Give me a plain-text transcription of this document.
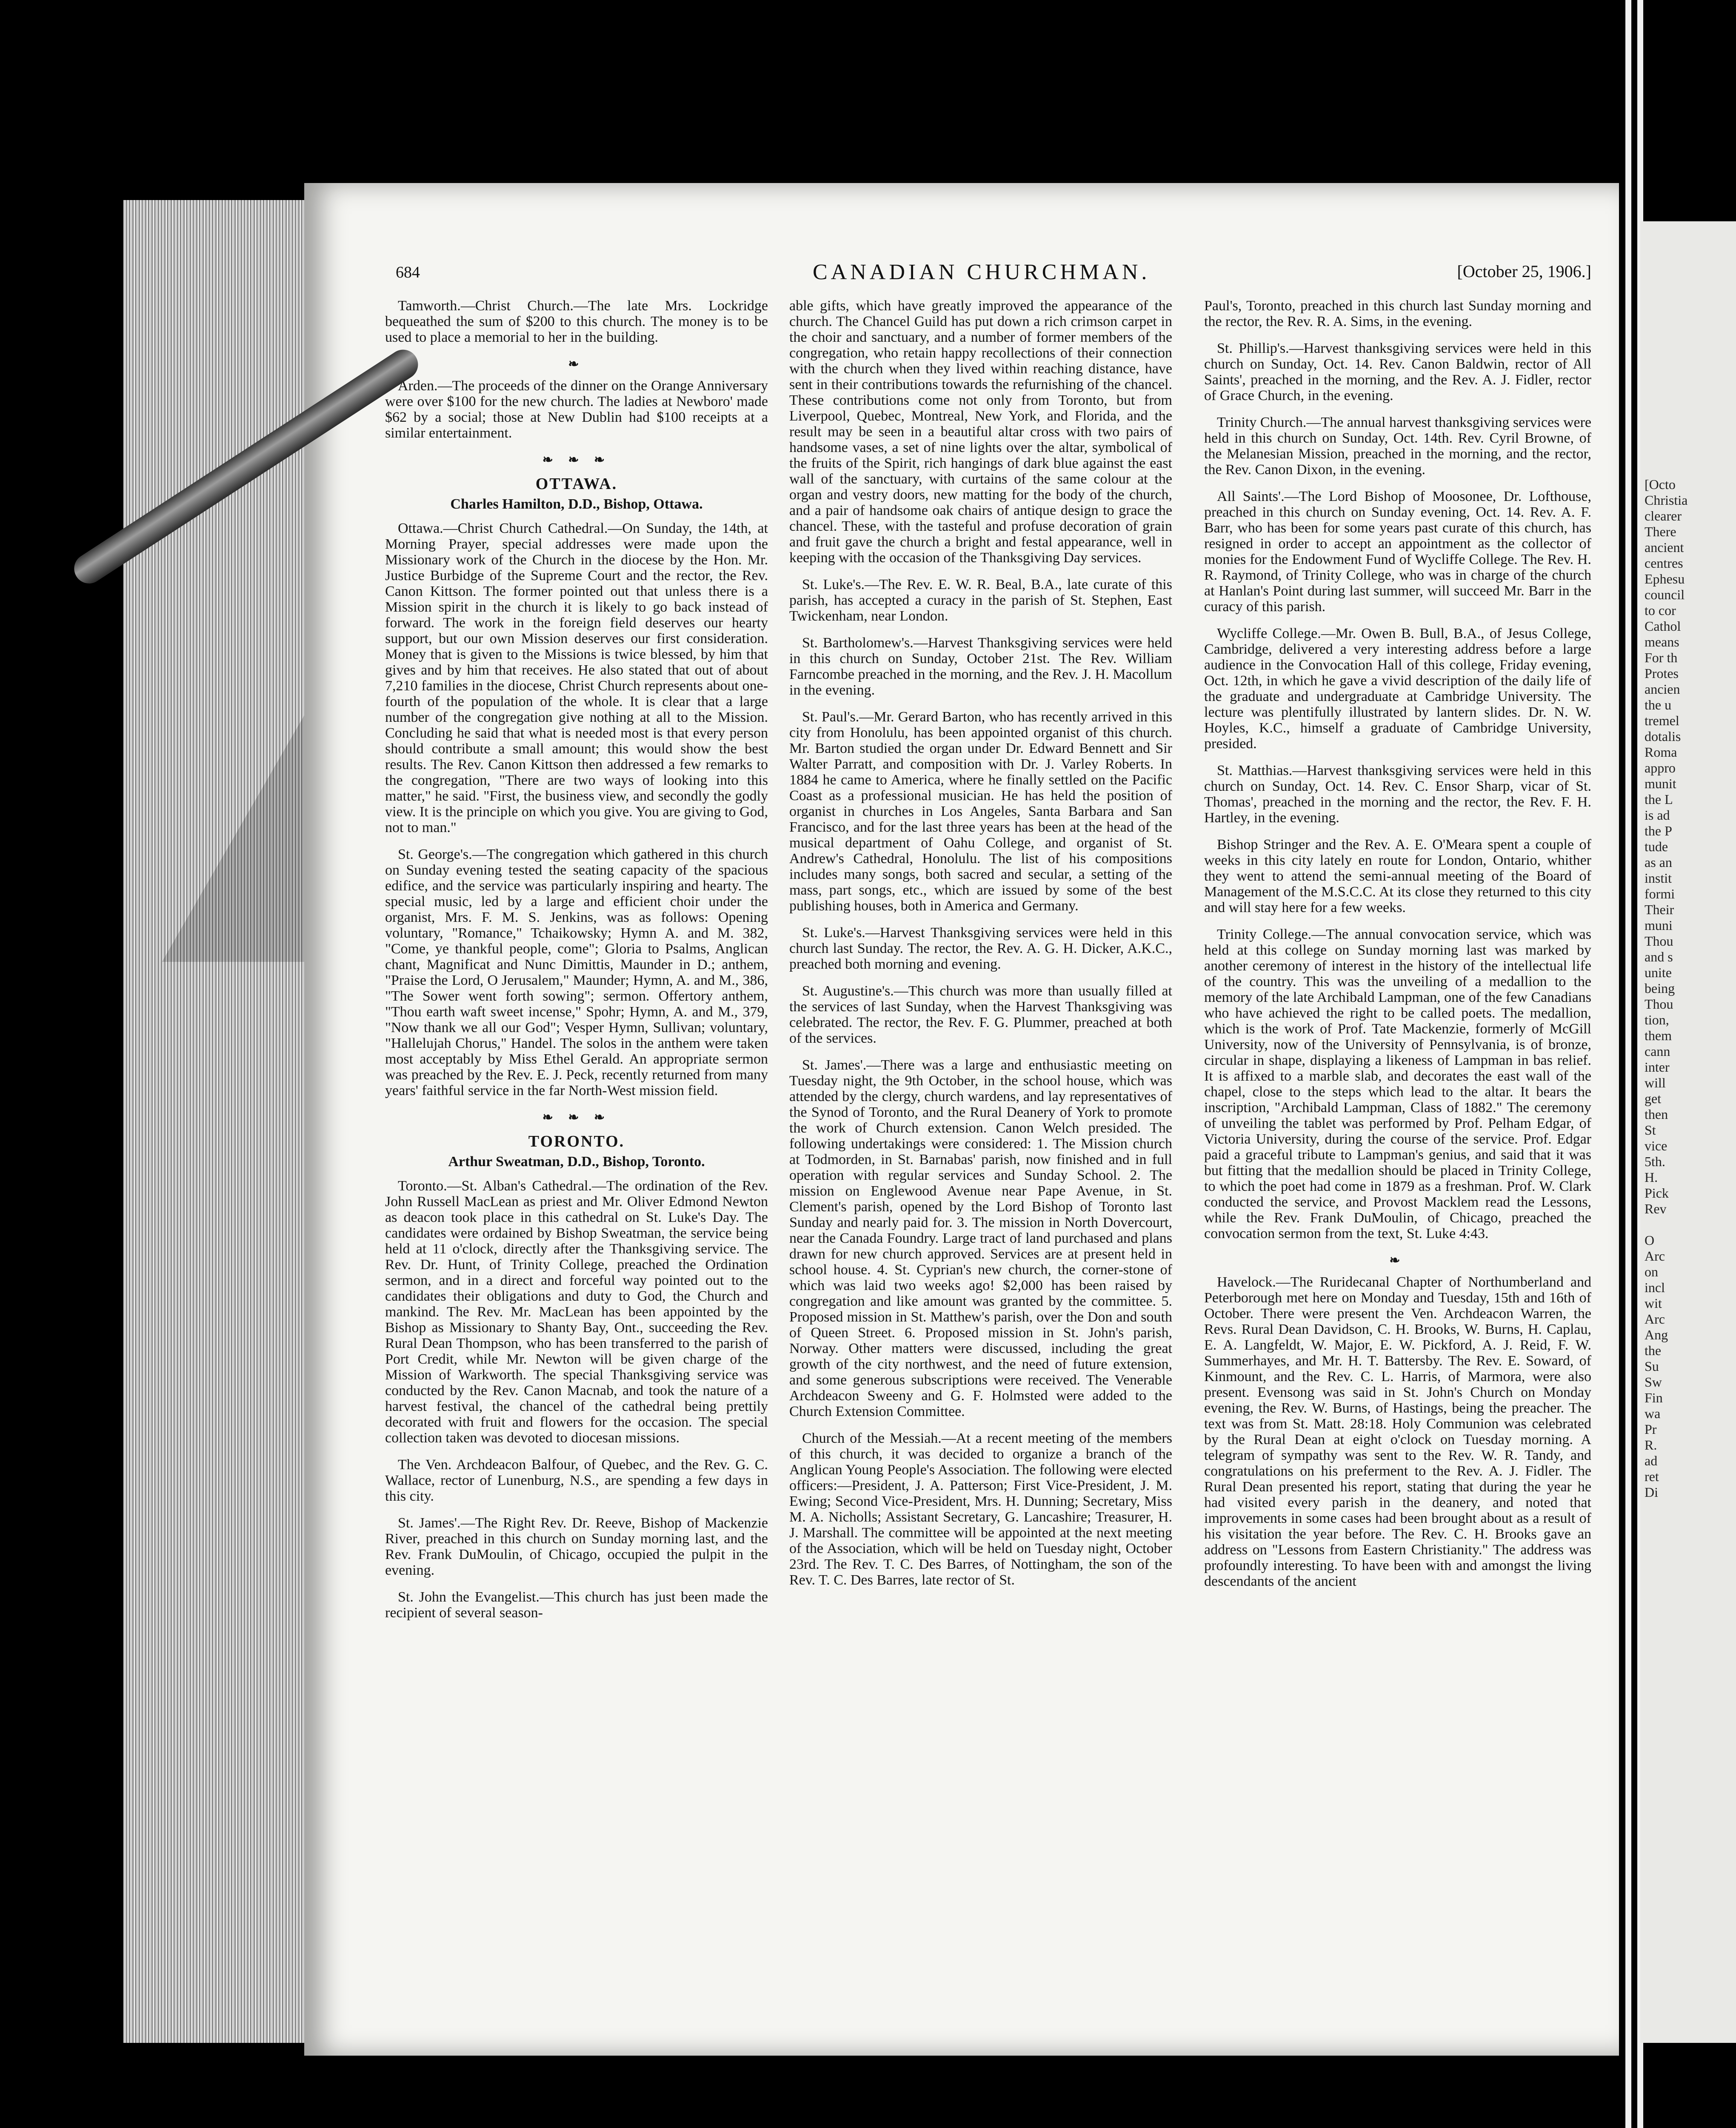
684	CANADIAN CHURCHMAN.	[October 25, 1906.]

Tamworth.—Christ Church.—The late Mrs. Lockridge bequeathed the sum of $200 to this church. The money is to be used to place a memorial to her in the building.

❧

Arden.—The proceeds of the dinner on the Orange Anniversary were over $100 for the new church. The ladies at Newboro' made $62 by a social; those at New Dublin had $100 receipts at a similar entertainment.

❧ ❧ ❧
OTTAWA.
Charles Hamilton, D.D., Bishop, Ottawa.

Ottawa.—Christ Church Cathedral.—On Sunday, the 14th, at Morning Prayer, special addresses were made upon the Missionary work of the Church in the diocese by the Hon. Mr. Justice Burbidge of the Supreme Court and the rector, the Rev. Canon Kittson. The former pointed out that unless there is a Mission spirit in the church it is likely to go back instead of forward. The work in the foreign field deserves our hearty support, but our own Mission deserves our first consideration. Money that is given to the Missions is twice blessed, by him that gives and by him that receives. He also stated that out of about 7,210 families in the diocese, Christ Church represents about one-fourth of the population of the whole. It is clear that a large number of the congregation give nothing at all to the Mission. Concluding he said that what is needed most is that every person should contribute a small amount; this would show the best results. The Rev. Canon Kittson then addressed a few remarks to the congregation, "There are two ways of looking into this matter," he said. "First, the business view, and secondly the godly view. It is the principle on which you give. You are giving to God, not to man."

St. George's.—The congregation which gathered in this church on Sunday evening tested the seating capacity of the spacious edifice, and the service was particularly inspiring and hearty. The special music, led by a large and efficient choir under the organist, Mrs. F. M. S. Jenkins, was as follows: Opening voluntary, "Romance," Tchaikowsky; Hymn A. and M. 382, "Come, ye thankful people, come"; Gloria to Psalms, Anglican chant, Magnificat and Nunc Dimittis, Maunder in D.; anthem, "Praise the Lord, O Jerusalem," Maunder; Hymn, A. and M., 386, "The Sower went forth sowing"; sermon. Offertory anthem, "Thou earth waft sweet incense," Spohr; Hymn, A. and M., 379, "Now thank we all our God"; Vesper Hymn, Sullivan; voluntary, "Hallelujah Chorus," Handel. The solos in the anthem were taken most acceptably by Miss Ethel Gerald. An appropriate sermon was preached by the Rev. E. J. Peck, recently returned from many years' faithful service in the far North-West mission field.

❧ ❧ ❧
TORONTO.
Arthur Sweatman, D.D., Bishop, Toronto.

Toronto.—St. Alban's Cathedral.—The ordination of the Rev. John Russell MacLean as priest and Mr. Oliver Edmond Newton as deacon took place in this cathedral on St. Luke's Day. The candidates were ordained by Bishop Sweatman, the service being held at 11 o'clock, directly after the Thanksgiving service. The Rev. Dr. Hunt, of Trinity College, preached the Ordination sermon, and in a direct and forceful way pointed out to the candidates their obligations and duty to God, the Church and mankind. The Rev. Mr. MacLean has been appointed by the Bishop as Missionary to Shanty Bay, Ont., succeeding the Rev. Rural Dean Thompson, who has been transferred to the parish of Port Credit, while Mr. Newton will be given charge of the Mission of Warkworth. The special Thanksgiving service was conducted by the Rev. Canon Macnab, and took the nature of a harvest festival, the chancel of the cathedral being prettily decorated with fruit and flowers for the occasion. The special collection taken was devoted to diocesan missions.

The Ven. Archdeacon Balfour, of Quebec, and the Rev. G. C. Wallace, rector of Lunenburg, N.S., are spending a few days in this city.

St. James'.—The Right Rev. Dr. Reeve, Bishop of Mackenzie River, preached in this church on Sunday morning last, and the Rev. Frank DuMoulin, of Chicago, occupied the pulpit in the evening.

St. John the Evangelist.—This church has just been made the recipient of several season-

able gifts, which have greatly improved the appearance of the church. The Chancel Guild has put down a rich crimson carpet in the choir and sanctuary, and a number of former members of the congregation, who retain happy recollections of their connection with the church when they lived within reaching distance, have sent in their contributions towards the refurnishing of the chancel. These contributions come not only from Toronto, but from Liverpool, Quebec, Montreal, New York, and Florida, and the result may be seen in a beautiful altar cross with two pairs of handsome vases, a set of nine lights over the altar, symbolical of the fruits of the Spirit, rich hangings of dark blue against the east wall of the sanctuary, with curtains of the same colour at the organ and vestry doors, new matting for the body of the church, and a pair of handsome oak chairs of antique design to grace the chancel. These, with the tasteful and profuse decoration of grain and fruit gave the church a bright and festal appearance, well in keeping with the occasion of the Thanksgiving Day services.

St. Luke's.—The Rev. E. W. R. Beal, B.A., late curate of this parish, has accepted a curacy in the parish of St. Stephen, East Twickenham, near London.

St. Bartholomew's.—Harvest Thanksgiving services were held in this church on Sunday, October 21st. The Rev. William Farncombe preached in the morning, and the Rev. J. H. Macollum in the evening.

St. Paul's.—Mr. Gerard Barton, who has recently arrived in this city from Honolulu, has been appointed organist of this church. Mr. Barton studied the organ under Dr. Edward Bennett and Sir Walter Parratt, and composition with Dr. J. Varley Roberts. In 1884 he came to America, where he finally settled on the Pacific Coast as a professional musician. He has held the position of organist in churches in Los Angeles, Santa Barbara and San Francisco, and for the last three years has been at the head of the musical department of Oahu College, and organist of St. Andrew's Cathedral, Honolulu. The list of his compositions includes many songs, both sacred and secular, a setting of the mass, part songs, etc., which are issued by some of the best publishing houses, both in America and Germany.

St. Luke's.—Harvest Thanksgiving services were held in this church last Sunday. The rector, the Rev. A. G. H. Dicker, A.K.C., preached both morning and evening.

St. Augustine's.—This church was more than usually filled at the services of last Sunday, when the Harvest Thanksgiving was celebrated. The rector, the Rev. F. G. Plummer, preached at both of the services.

St. James'.—There was a large and enthusiastic meeting on Tuesday night, the 9th October, in the school house, which was attended by the clergy, church wardens, and lay representatives of the Synod of Toronto, and the Rural Deanery of York to promote the work of Church extension. Canon Welch presided. The following undertakings were considered: 1. The Mission church at Todmorden, in St. Barnabas' parish, now finished and in full operation with regular services and Sunday School. 2. The mission on Englewood Avenue near Pape Avenue, in St. Clement's parish, opened by the Lord Bishop of Toronto last Sunday and nearly paid for. 3. The mission in North Dovercourt, near the Canada Foundry. Large tract of land purchased and plans drawn for new church approved. Services are at present held in school house. 4. St. Cyprian's new church, the corner-stone of which was laid two weeks ago! $2,000 has been raised by congregation and like amount was granted by the committee. 5. Proposed mission in St. Matthew's parish, over the Don and south of Queen Street. 6. Proposed mission in St. John's parish, Norway. Other matters were discussed, including the great growth of the city northwest, and the need of future extension, and some generous subscriptions were received. The Venerable Archdeacon Sweeny and G. F. Holmsted were added to the Church Extension Committee.

Church of the Messiah.—At a recent meeting of the members of this church, it was decided to organize a branch of the Anglican Young People's Association. The following were elected officers:—President, J. A. Patterson; First Vice-President, J. M. Ewing; Second Vice-President, Mrs. H. Dunning; Secretary, Miss M. A. Nicholls; Assistant Secretary, G. Lancashire; Treasurer, H. J. Marshall. The committee will be appointed at the next meeting of the Association, which will be held on Tuesday night, October 23rd. The Rev. T. C. Des Barres, of Nottingham, the son of the Rev. T. C. Des Barres, late rector of St.

Paul's, Toronto, preached in this church last Sunday morning and the rector, the Rev. R. A. Sims, in the evening.

St. Phillip's.—Harvest thanksgiving services were held in this church on Sunday, Oct. 14. Rev. Canon Baldwin, rector of All Saints', preached in the morning, and the Rev. A. J. Fidler, rector of Grace Church, in the evening.

Trinity Church.—The annual harvest thanksgiving services were held in this church on Sunday, Oct. 14th. Rev. Cyril Browne, of the Melanesian Mission, preached in the morning, and the rector, the Rev. Canon Dixon, in the evening.

All Saints'.—The Lord Bishop of Moosonee, Dr. Lofthouse, preached in this church on Sunday evening, Oct. 14. Rev. A. F. Barr, who has been for some years past curate of this church, has resigned in order to accept an appointment as the collector of monies for the Endowment Fund of Wycliffe College. The Rev. H. R. Raymond, of Trinity College, who was in charge of the church at Hanlan's Point during last summer, will succeed Mr. Barr in the curacy of this parish.

Wycliffe College.—Mr. Owen B. Bull, B.A., of Jesus College, Cambridge, delivered a very interesting address before a large audience in the Convocation Hall of this college, Friday evening, Oct. 12th, in which he gave a vivid description of the daily life of the graduate and undergraduate at Cambridge University. The lecture was plentifully illustrated by lantern slides. Dr. N. W. Hoyles, K.C., himself a graduate of Cambridge University, presided.

St. Matthias.—Harvest thanksgiving services were held in this church on Sunday, Oct. 14. Rev. C. Ensor Sharp, vicar of St. Thomas', preached in the morning and the rector, the Rev. F. H. Hartley, in the evening.

Bishop Stringer and the Rev. A. E. O'Meara spent a couple of weeks in this city lately en route for London, Ontario, whither they went to attend the semi-annual meeting of the Board of Management of the M.S.C.C. At its close they returned to this city and will stay here for a few weeks.

Trinity College.—The annual convocation service, which was held at this college on Sunday morning last was marked by another ceremony of interest in the history of the intellectual life of the country. This was the unveiling of a medallion to the memory of the late Archibald Lampman, one of the few Canadians who have achieved the right to be called poets. The medallion, which is the work of Prof. Tate Mackenzie, formerly of McGill University, now of the University of Pennsylvania, is of bronze, circular in shape, displaying a likeness of Lampman in bas relief. It is affixed to a marble slab, and decorates the east wall of the chapel, close to the steps which lead to the altar. It bears the inscription, "Archibald Lampman, Class of 1882." The ceremony of unveiling the tablet was performed by Prof. Pelham Edgar, of Victoria University, during the course of the service. Prof. Edgar paid a graceful tribute to Lampman's genius, and said that it was but fitting that the medallion should be placed in Trinity College, to which the poet had come in 1879 as a freshman. Prof. W. Clark conducted the service, and Provost Macklem read the Lessons, while the Rev. Frank DuMoulin, of Chicago, preached the convocation sermon from the text, St. Luke 4:43.

❧

Havelock.—The Ruridecanal Chapter of Northumberland and Peterborough met here on Monday and Tuesday, 15th and 16th of October. There were present the Ven. Archdeacon Warren, the Revs. Rural Dean Davidson, C. H. Brooks, W. Burns, H. Caplau, E. A. Langfeldt, W. Major, E. W. Pickford, A. J. Reid, F. W. Summerhayes, and Mr. H. T. Battersby. The Rev. E. Soward, of Kinmount, and the Rev. C. L. Harris, of Marmora, were also present. Evensong was said in St. John's Church on Monday evening, the Rev. W. Burns, of Hastings, being the preacher. The text was from St. Matt. 28:18. Holy Communion was celebrated by the Rural Dean at eight o'clock on Tuesday morning. A telegram of sympathy was sent to the Rev. W. R. Tandy, and congratulations on his preferment to the Rev. A. J. Fidler. The Rural Dean presented his report, stating that during the year he had visited every parish in the deanery, and noted that improvements in some cases had been brought about as a result of his visitation the year before. The Rev. C. H. Brooks gave an address on "Lessons from Eastern Christianity." The address was profoundly interesting. To have been with and amongst the living descendants of the ancient

[Octo
Christia
clearer
There
ancient
centres
Ephesu
council
to cor
Cathol
means
For th
Protes
ancien
the u
tremel
dotalis
Roma
appro
munit
the L
is ad
the P
tude
as an
instit
formi
Their
muni
Thou
and s
unite
being
Thou
tion,
them
cann
inter
will
get
then
St
vice
5th.
H.
Pick
Rev

O
Arc
on
incl
wit
Arc
Ang
the
Su
Sw
Fin
wa
Pr
R.
ad
ret
Di
